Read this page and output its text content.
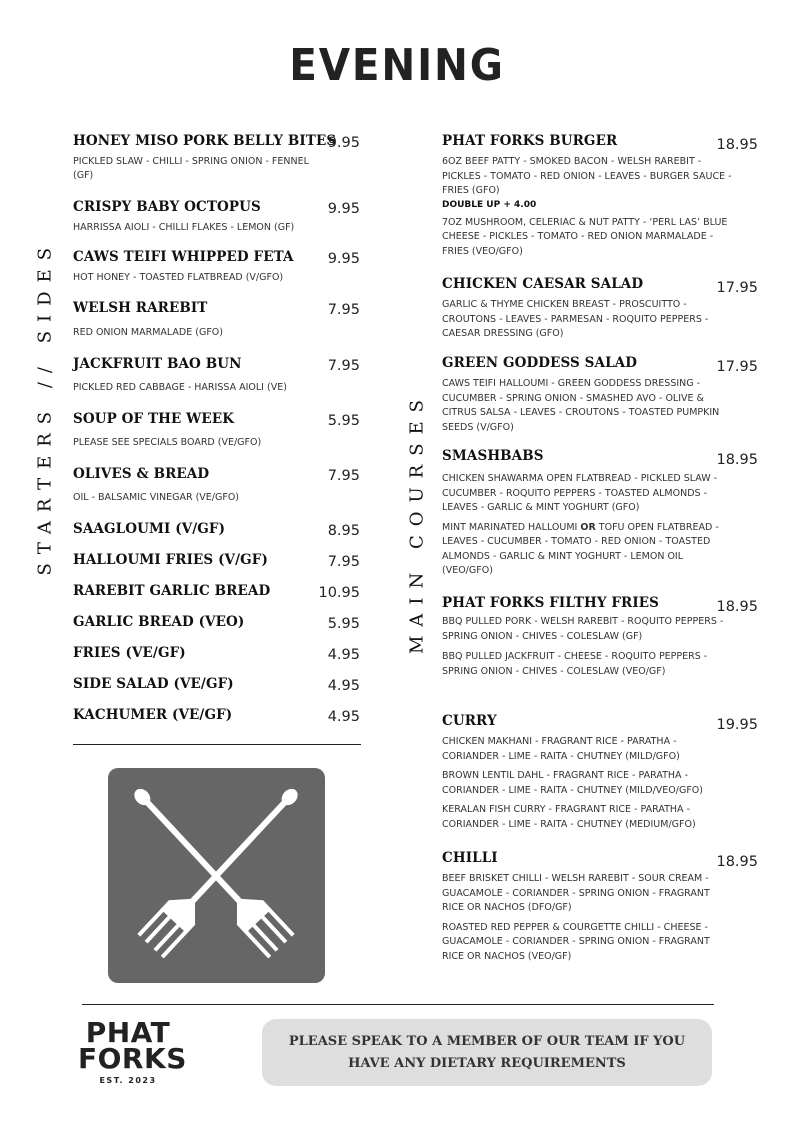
EVENING
STARTERS // SIDES	MAIN COURSES
HONEY MISO PORK BELLY BITES
9.95
PICKLED SLAW - CHILLI - SPRING ONION - FENNEL (GF)
CRISPY BABY OCTOPUS	9.95
HARRISSA AIOLI - CHILLI FLAKES - LEMON (GF)
CAWS TEIFI WHIPPED FETA	9.95
HOT HONEY - TOASTED FLATBREAD (V/GFO)
WELSH RAREBIT	7.95
RED ONION MARMALADE (GFO)
JACKFRUIT BAO BUN	7.95
PICKLED RED CABBAGE - HARISSA AIOLI (VE)
SOUP OF THE WEEK	5.95
PLEASE SEE SPECIALS BOARD (VE/GFO)
OLIVES & BREAD	7.95
OIL - BALSAMIC VINEGAR (VE/GFO)
SAAGLOUMI (V/GF)	8.95
HALLOUMI FRIES (V/GF)	7.95
RAREBIT GARLIC BREAD	10.95
GARLIC BREAD (VEO)	5.95
FRIES (VE/GF)	4.95
SIDE SALAD (VE/GF)	4.95
KACHUMER (VE/GF)	4.95
PHAT FORKS BURGER	18.95
6OZ BEEF PATTY - SMOKED BACON - WELSH RAREBIT - PICKLES - TOMATO - RED ONION - LEAVES - BURGER SAUCE - FRIES (GFO)
DOUBLE UP + 4.00
7OZ MUSHROOM, CELERIAC & NUT PATTY - ‘PERL LAS’ BLUE CHEESE - PICKLES - TOMATO - RED ONION MARMALADE - FRIES (VEO/GFO)
CHICKEN CAESAR SALAD	17.95
GARLIC & THYME CHICKEN BREAST - PROSCUITTO - CROUTONS - LEAVES - PARMESAN - ROQUITO PEPPERS - CAESAR DRESSING (GFO)
GREEN GODDESS SALAD	17.95
CAWS TEIFI HALLOUMI - GREEN GODDESS DRESSING - CUCUMBER - SPRING ONION - SMASHED AVO - OLIVE & CITRUS SALSA - LEAVES - CROUTONS - TOASTED PUMPKIN SEEDS (V/GFO)
SMASHBABS	18.95
CHICKEN SHAWARMA OPEN FLATBREAD - PICKLED SLAW - CUCUMBER - ROQUITO PEPPERS - TOASTED ALMONDS - LEAVES - GARLIC & MINT YOGHURT (GFO)
MINT MARINATED HALLOUMI OR TOFU OPEN FLATBREAD - LEAVES - CUCUMBER - TOMATO - RED ONION - TOASTED ALMONDS - GARLIC & MINT YOGHURT - LEMON OIL (VEO/GFO)
PHAT FORKS FILTHY FRIES	18.95
BBQ PULLED PORK - WELSH RAREBIT - ROQUITO PEPPERS - SPRING ONION - CHIVES - COLESLAW (GF)
BBQ PULLED JACKFRUIT - CHEESE - ROQUITO PEPPERS - SPRING ONION - CHIVES - COLESLAW (VEO/GF)
CURRY	19.95
CHICKEN MAKHANI - FRAGRANT RICE - PARATHA - CORIANDER - LIME - RAITA - CHUTNEY (MILD/GFO)
BROWN LENTIL DAHL - FRAGRANT RICE - PARATHA - CORIANDER - LIME - RAITA - CHUTNEY (MILD/VEO/GFO)
KERALAN FISH CURRY - FRAGRANT RICE - PARATHA - CORIANDER - LIME - RAITA - CHUTNEY (MEDIUM/GFO)
CHILLI	18.95
BEEF BRISKET CHILLI - WELSH RAREBIT - SOUR CREAM - GUACAMOLE - CORIANDER - SPRING ONION - FRAGRANT RICE OR NACHOS (DFO/GF)
ROASTED RED PEPPER & COURGETTE CHILLI - CHEESE - GUACAMOLE - CORIANDER - SPRING ONION - FRAGRANT RICE OR NACHOS (VEO/GF)
PHAT
FORKS
EST. 2023
PLEASE SPEAK TO A MEMBER OF OUR TEAM IF YOU HAVE ANY DIETARY REQUIREMENTS
